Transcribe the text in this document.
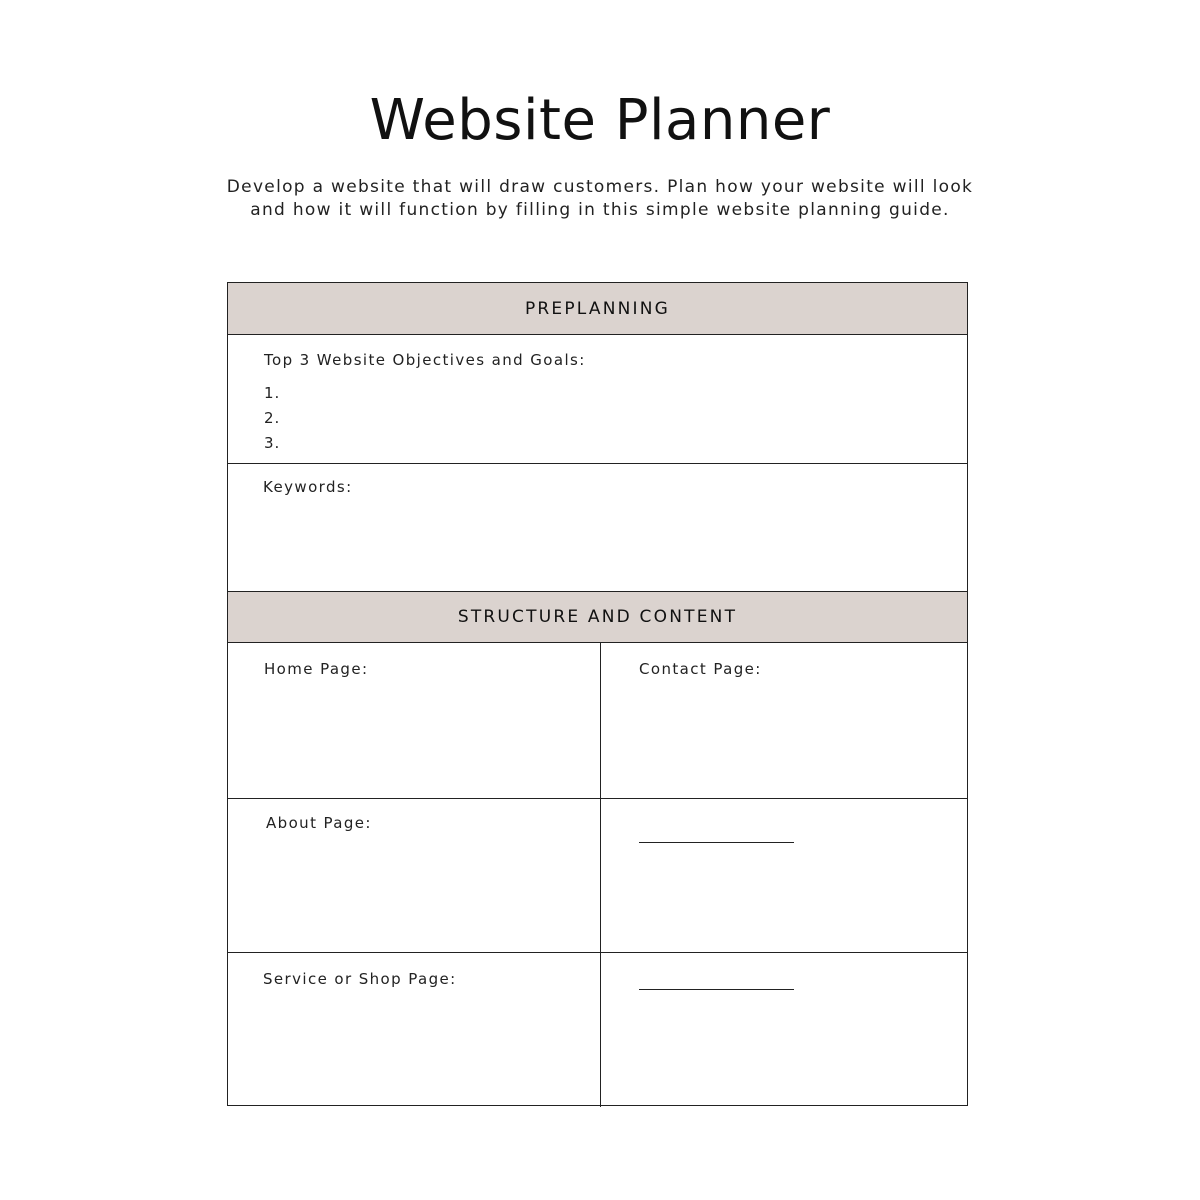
Website Planner
Develop a website that will draw customers. Plan how your website will look
and how it will function by filling in this simple website planning guide.
PREPLANNING
Top 3 Website Objectives and Goals:
1.
2.
3.
Keywords:
STRUCTURE AND CONTENT
Home Page:	Contact Page:
About Page:
Service or Shop Page:
